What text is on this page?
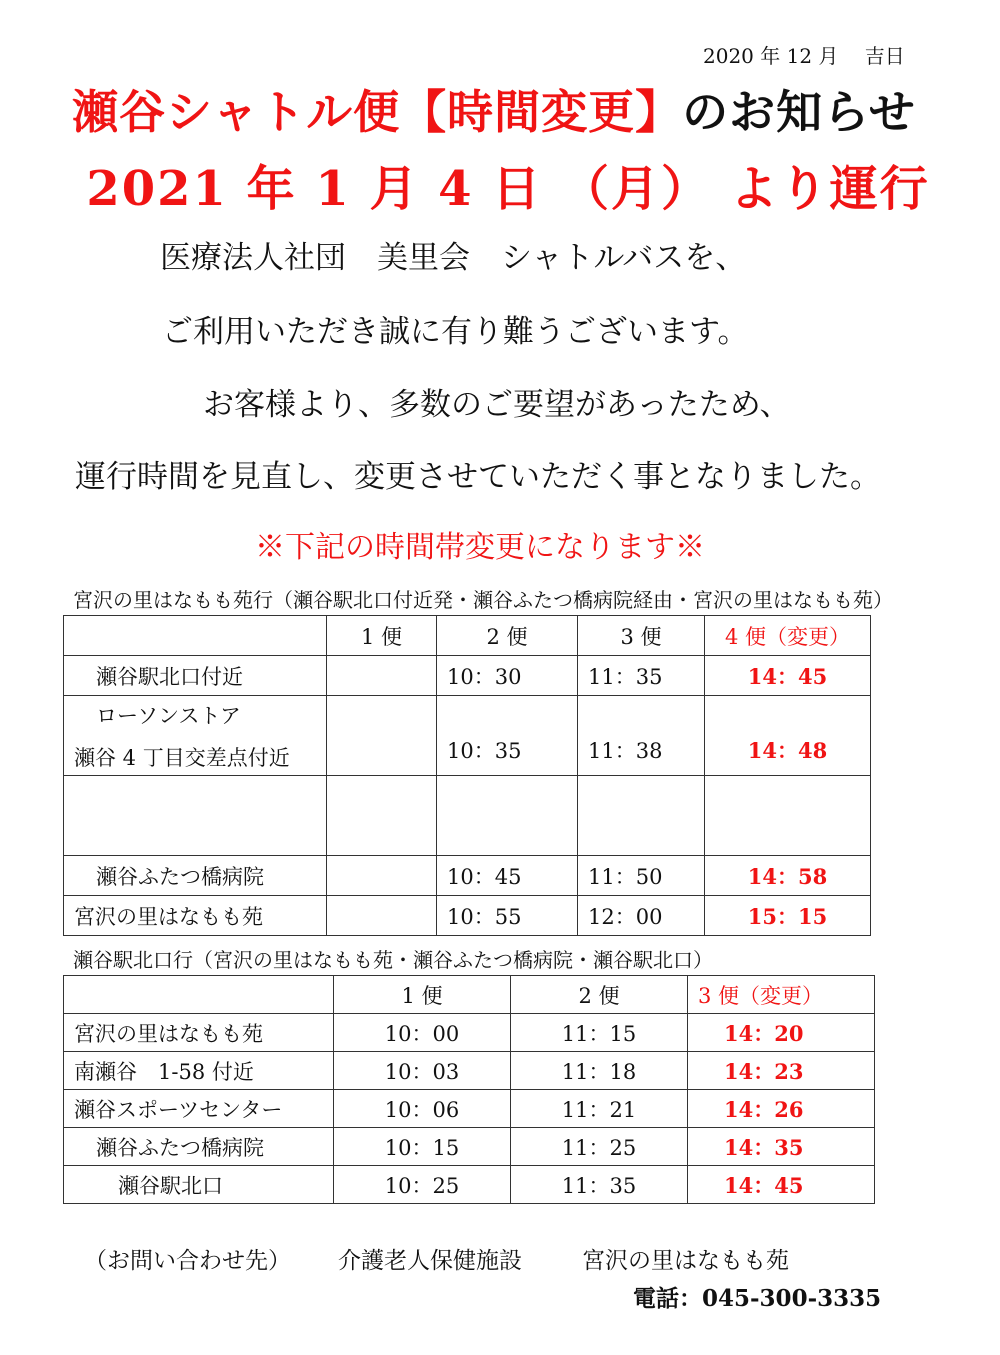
2020 年 12 月　 吉日
瀬谷シャトル便【時間変更】のお知らせ
2021 年 1 月 4 日 （月） より運行
医療法人社団　美里会　シャトルバスを、
ご利用いただき誠に有り難うございます。
お客様より、多数のご要望があったため、
運行時間を見直し、変更させていただく事となりました。
※下記の時間帯変更になります※
宮沢の里はなもも苑行（瀬谷駅北口付近発・瀬谷ふたつ橋病院経由・宮沢の里はなもも苑）
	1 便	2 便	3 便	4 便（変更）
瀬谷駅北口付近		10：30	11：35	14：45

ローソンストア
瀬谷 4 丁目交差点付近		10：35	11：38	14：48

瀬谷ふたつ橋病院		10：45	11：50	14：58
宮沢の里はなもも苑		10：55	12：00	15：15
瀬谷駅北口行（宮沢の里はなもも苑・瀬谷ふたつ橋病院・瀬谷駅北口）
	1 便	2 便	3 便（変更）
宮沢の里はなもも苑	10：00	11：15	14：20
南瀬谷　1-58 付近	10：03	11：18	14：23
瀬谷スポーツセンター	10：06	11：21	14：26
瀬谷ふたつ橋病院	10：15	11：25	14：35
瀬谷駅北口	10：25	11：35	14：45
（お問い合わせ先） 介護老人保健施設	宮沢の里はなもも苑
電話：045-300-3335
